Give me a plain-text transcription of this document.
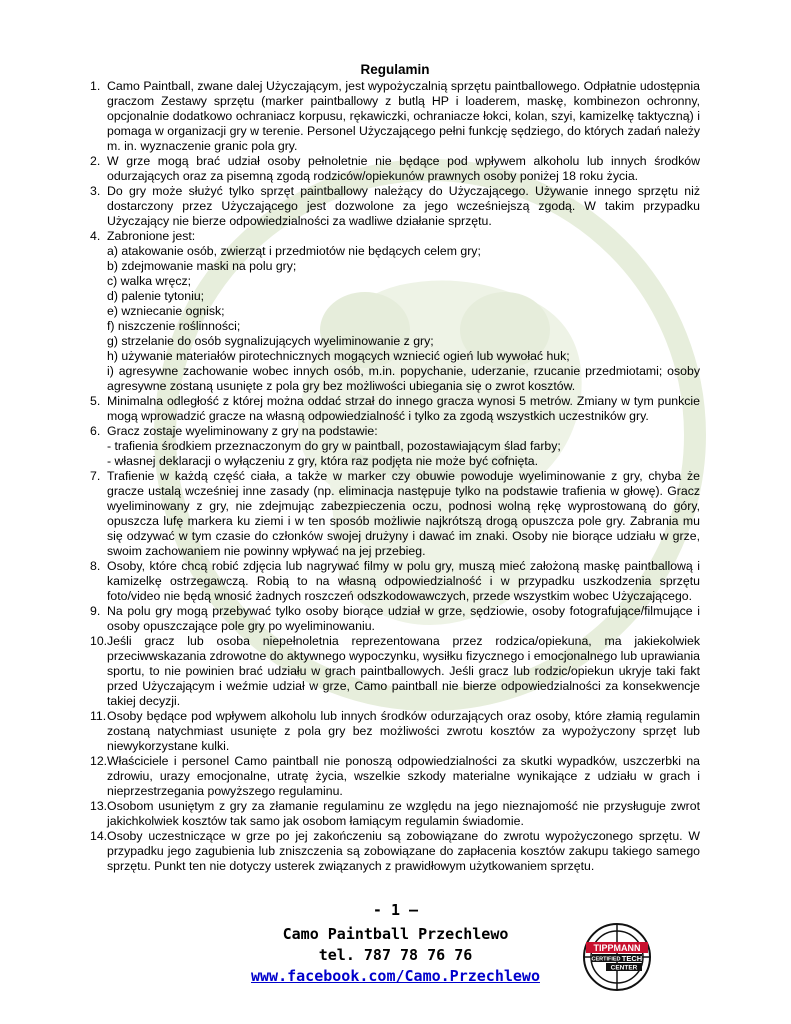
Regulamin
1. Camo Paintball, zwane dalej Użyczającym, jest wypożyczalnią sprzętu paintballowego. Odpłatnie udostępnia graczom Zestawy sprzętu (marker paintballowy z butlą HP i loaderem, maskę, kombinezon ochronny, opcjonalnie dodatkowo ochraniacz korpusu, rękawiczki, ochraniacze łokci, kolan, szyi, kamizelkę taktyczną) i pomaga w organizacji gry w terenie. Personel Użyczającego pełni funkcję sędziego, do których zadań należy m. in. wyznaczenie granic pola gry.
2. W grze mogą brać udział osoby pełnoletnie nie będące pod wpływem alkoholu lub innych środków odurzających oraz za pisemną zgodą rodziców/opiekunów prawnych osoby poniżej 18 roku życia.
3. Do gry może służyć tylko sprzęt paintballowy należący do Użyczającego. Używanie innego sprzętu niż dostarczony przez Użyczającego jest dozwolone za jego wcześniejszą zgodą. W takim przypadku Użyczający nie bierze odpowiedzialności za wadliwe działanie sprzętu.
4. Zabronione jest:
a) atakowanie osób, zwierząt i przedmiotów nie będących celem gry;
b) zdejmowanie maski na polu gry;
c) walka wręcz;
d) palenie tytoniu;
e) wzniecanie ognisk;
f) niszczenie roślinności;
g) strzelanie do osób sygnalizujących wyeliminowanie z gry;
h) używanie materiałów pirotechnicznych mogących wzniecić ogień lub wywołać huk;
i) agresywne zachowanie wobec innych osób, m.in. popychanie, uderzanie, rzucanie przedmiotami; osoby agresywne zostaną usunięte z pola gry bez możliwości ubiegania się o zwrot kosztów.
5. Minimalna odległość z której można oddać strzał do innego gracza wynosi 5 metrów. Zmiany w tym punkcie mogą wprowadzić gracze na własną odpowiedzialność i tylko za zgodą wszystkich uczestników gry.
6. Gracz zostaje wyeliminowany z gry na podstawie:
- trafienia środkiem przeznaczonym do gry w paintball, pozostawiającym ślad farby;
- własnej deklaracji o wyłączeniu z gry, która raz podjęta nie może być cofnięta.
7. Trafienie w każdą część ciała, a także w marker czy obuwie powoduje wyeliminowanie z gry, chyba że gracze ustalą wcześniej inne zasady (np. eliminacja następuje tylko na podstawie trafienia w głowę). Gracz wyeliminowany z gry, nie zdejmując zabezpieczenia oczu, podnosi wolną rękę wyprostowaną do góry, opuszcza lufę markera ku ziemi i w ten sposób możliwie najkrótszą drogą opuszcza pole gry. Zabrania mu się odzywać w tym czasie do członków swojej drużyny i dawać im znaki. Osoby nie biorące udziału w grze, swoim zachowaniem nie powinny wpływać na jej przebieg.
8. Osoby, które chcą robić zdjęcia lub nagrywać filmy w polu gry, muszą mieć założoną maskę paintballową i kamizelkę ostrzegawczą. Robią to na własną odpowiedzialność i w przypadku uszkodzenia sprzętu foto/video nie będą wnosić żadnych roszczeń odszkodowawczych, przede wszystkim wobec Użyczającego.
9. Na polu gry mogą przebywać tylko osoby biorące udział w grze, sędziowie, osoby fotografujące/filmujące i osoby opuszczające pole gry po wyeliminowaniu.
10. Jeśli gracz lub osoba niepełnoletnia reprezentowana przez rodzica/opiekuna, ma jakiekolwiek przeciwwskazania zdrowotne do aktywnego wypoczynku, wysiłku fizycznego i emocjonalnego lub uprawiania sportu, to nie powinien brać udziału w grach paintballowych. Jeśli gracz lub rodzic/opiekun ukryje taki fakt przed Użyczającym i weźmie udział w grze, Camo paintball nie bierze odpowiedzialności za konsekwencje takiej decyzji.
11. Osoby będące pod wpływem alkoholu lub innych środków odurzających oraz osoby, które złamią regulamin zostaną natychmiast usunięte z pola gry bez możliwości zwrotu kosztów za wypożyczony sprzęt lub niewykorzystane kulki.
12. Właściciele i personel Camo paintball nie ponoszą odpowiedzialności za skutki wypadków, uszczerbki na zdrowiu, urazy emocjonalne, utratę życia, wszelkie szkody materialne wynikające z udziału w grach i nieprzestrzegania powyższego regulaminu.
13. Osobom usuniętym z gry za złamanie regulaminu ze względu na jego nieznajomość nie przysługuje zwrot jakichkolwiek kosztów tak samo jak osobom łamiącym regulamin świadomie.
14. Osoby uczestniczące w grze po jej zakończeniu są zobowiązane do zwrotu wypożyczonego sprzętu. W przypadku jego zagubienia lub zniszczenia są zobowiązane do zapłacenia kosztów zakupu takiego samego sprzętu. Punkt ten nie dotyczy usterek związanych z prawidłowym użytkowaniem sprzętu.
- 1 –
Camo Paintball Przechlewo
tel. 787 78 76 76
www.facebook.com/Camo.Przechlewo
TIPPMANN
CERTIFIED TECH
CENTER
